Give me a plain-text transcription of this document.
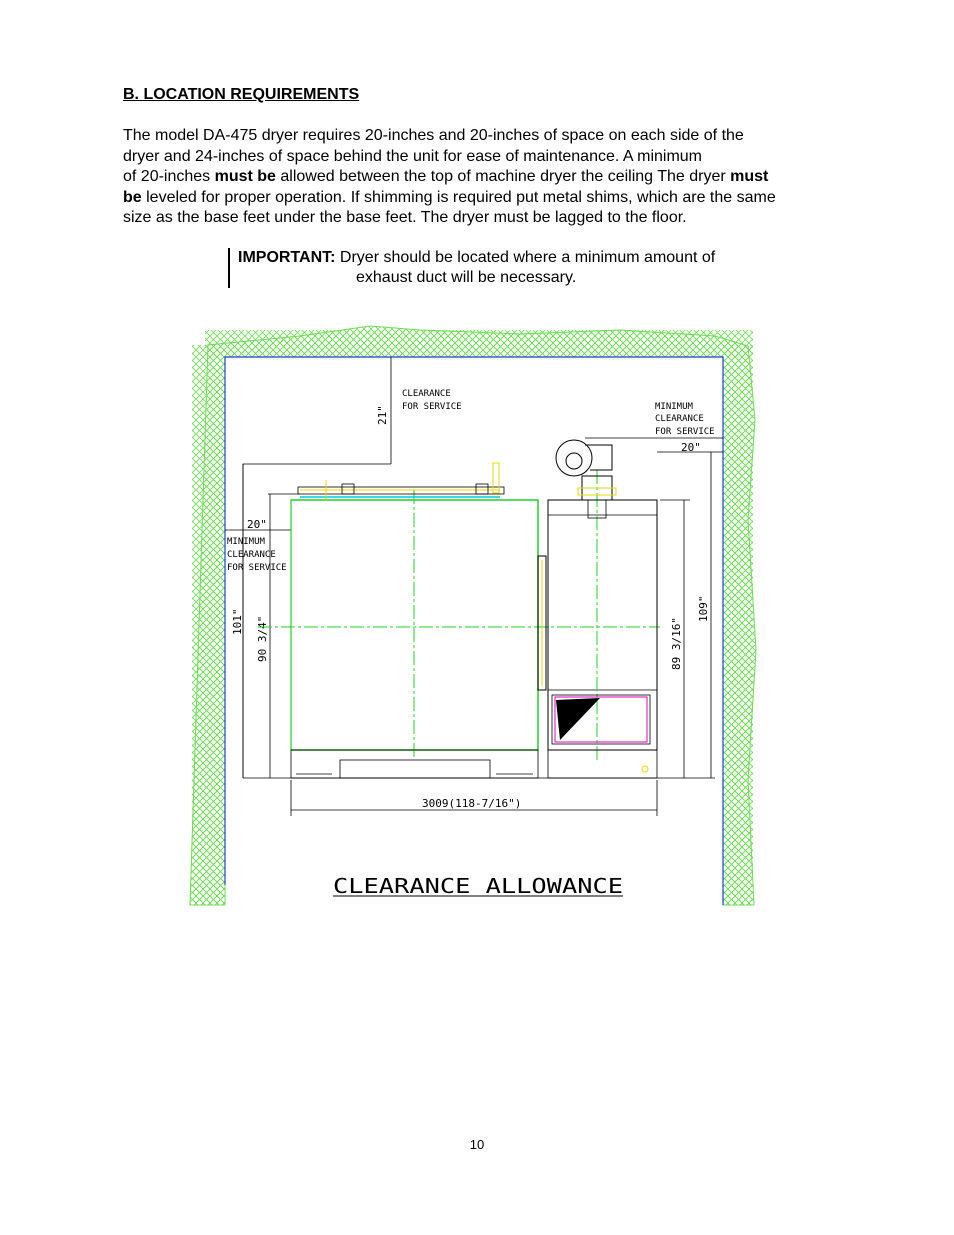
B. LOCATION REQUIREMENTS

The model DA-475 dryer requires 20-inches and 20-inches of space on each side of the

dryer and 24-inches of space behind the unit for ease of maintenance. A minimum

of 20-inches must be allowed between the top of machine dryer the ceiling The dryer must

be leveled for proper operation. If shimming is required put metal shims, which are the same

size as the base feet under the base feet. The dryer must be lagged to the floor.

IMPORTANT: Dryer should be located where a minimum amount of
exhaust duct will be necessary.
21"
CLEARANCE
FOR SERVICE	MINIMUM
CLEARANCE
FOR SERVICE
20"
20"
MINIMUM
CLEARANCE
FOR SERVICE
101" 90 3/4"	89 3/16"
109"
3009(118-7/16")
CLEARANCE ALLOWANCE
10
